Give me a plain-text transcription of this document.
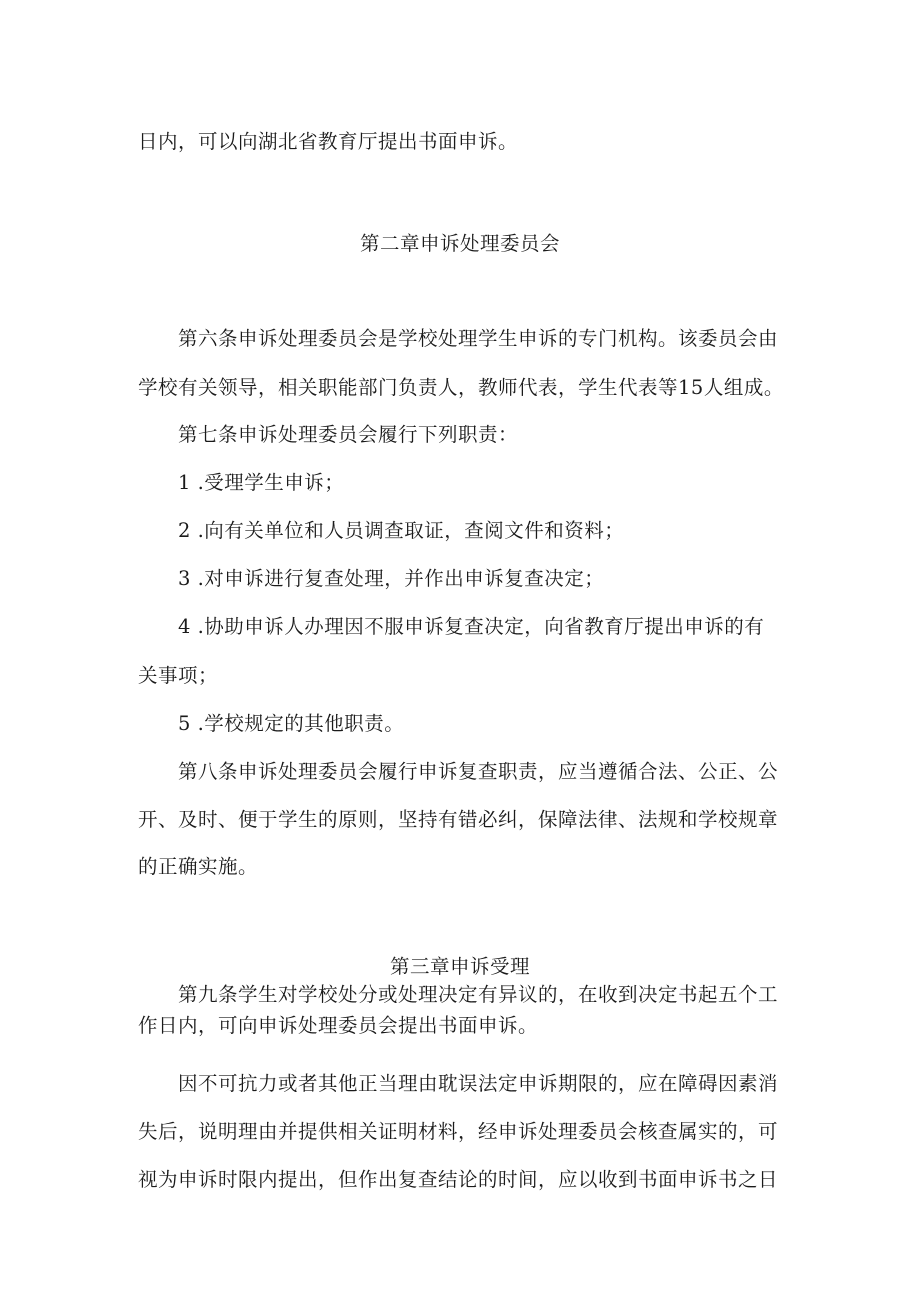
日内，可以向湖北省教育厅提出书面申诉。
第二章申诉处理委员会
第六条申诉处理委员会是学校处理学生申诉的专门机构。该委员会由
学校有关领导，相关职能部门负责人，教师代表，学生代表等15人组成。
第七条申诉处理委员会履行下列职责：
1 .受理学生申诉；
2 .向有关单位和人员调查取证，查阅文件和资料；
3 .对申诉进行复查处理，并作出申诉复查决定；
4 .协助申诉人办理因不服申诉复查决定，向省教育厅提出申诉的有
关事项；
5 .学校规定的其他职责。
第八条申诉处理委员会履行申诉复查职责，应当遵循合法、公正、公
开、及时、便于学生的原则，坚持有错必纠，保障法律、法规和学校规章
的正确实施。
第三章申诉受理
第九条学生对学校处分或处理决定有异议的，在收到决定书起五个工
作日内，可向申诉处理委员会提出书面申诉。
因不可抗力或者其他正当理由耽误法定申诉期限的，应在障碍因素消
失后，说明理由并提供相关证明材料，经申诉处理委员会核查属实的，可
视为申诉时限内提出，但作出复查结论的时间，应以收到书面申诉书之日
